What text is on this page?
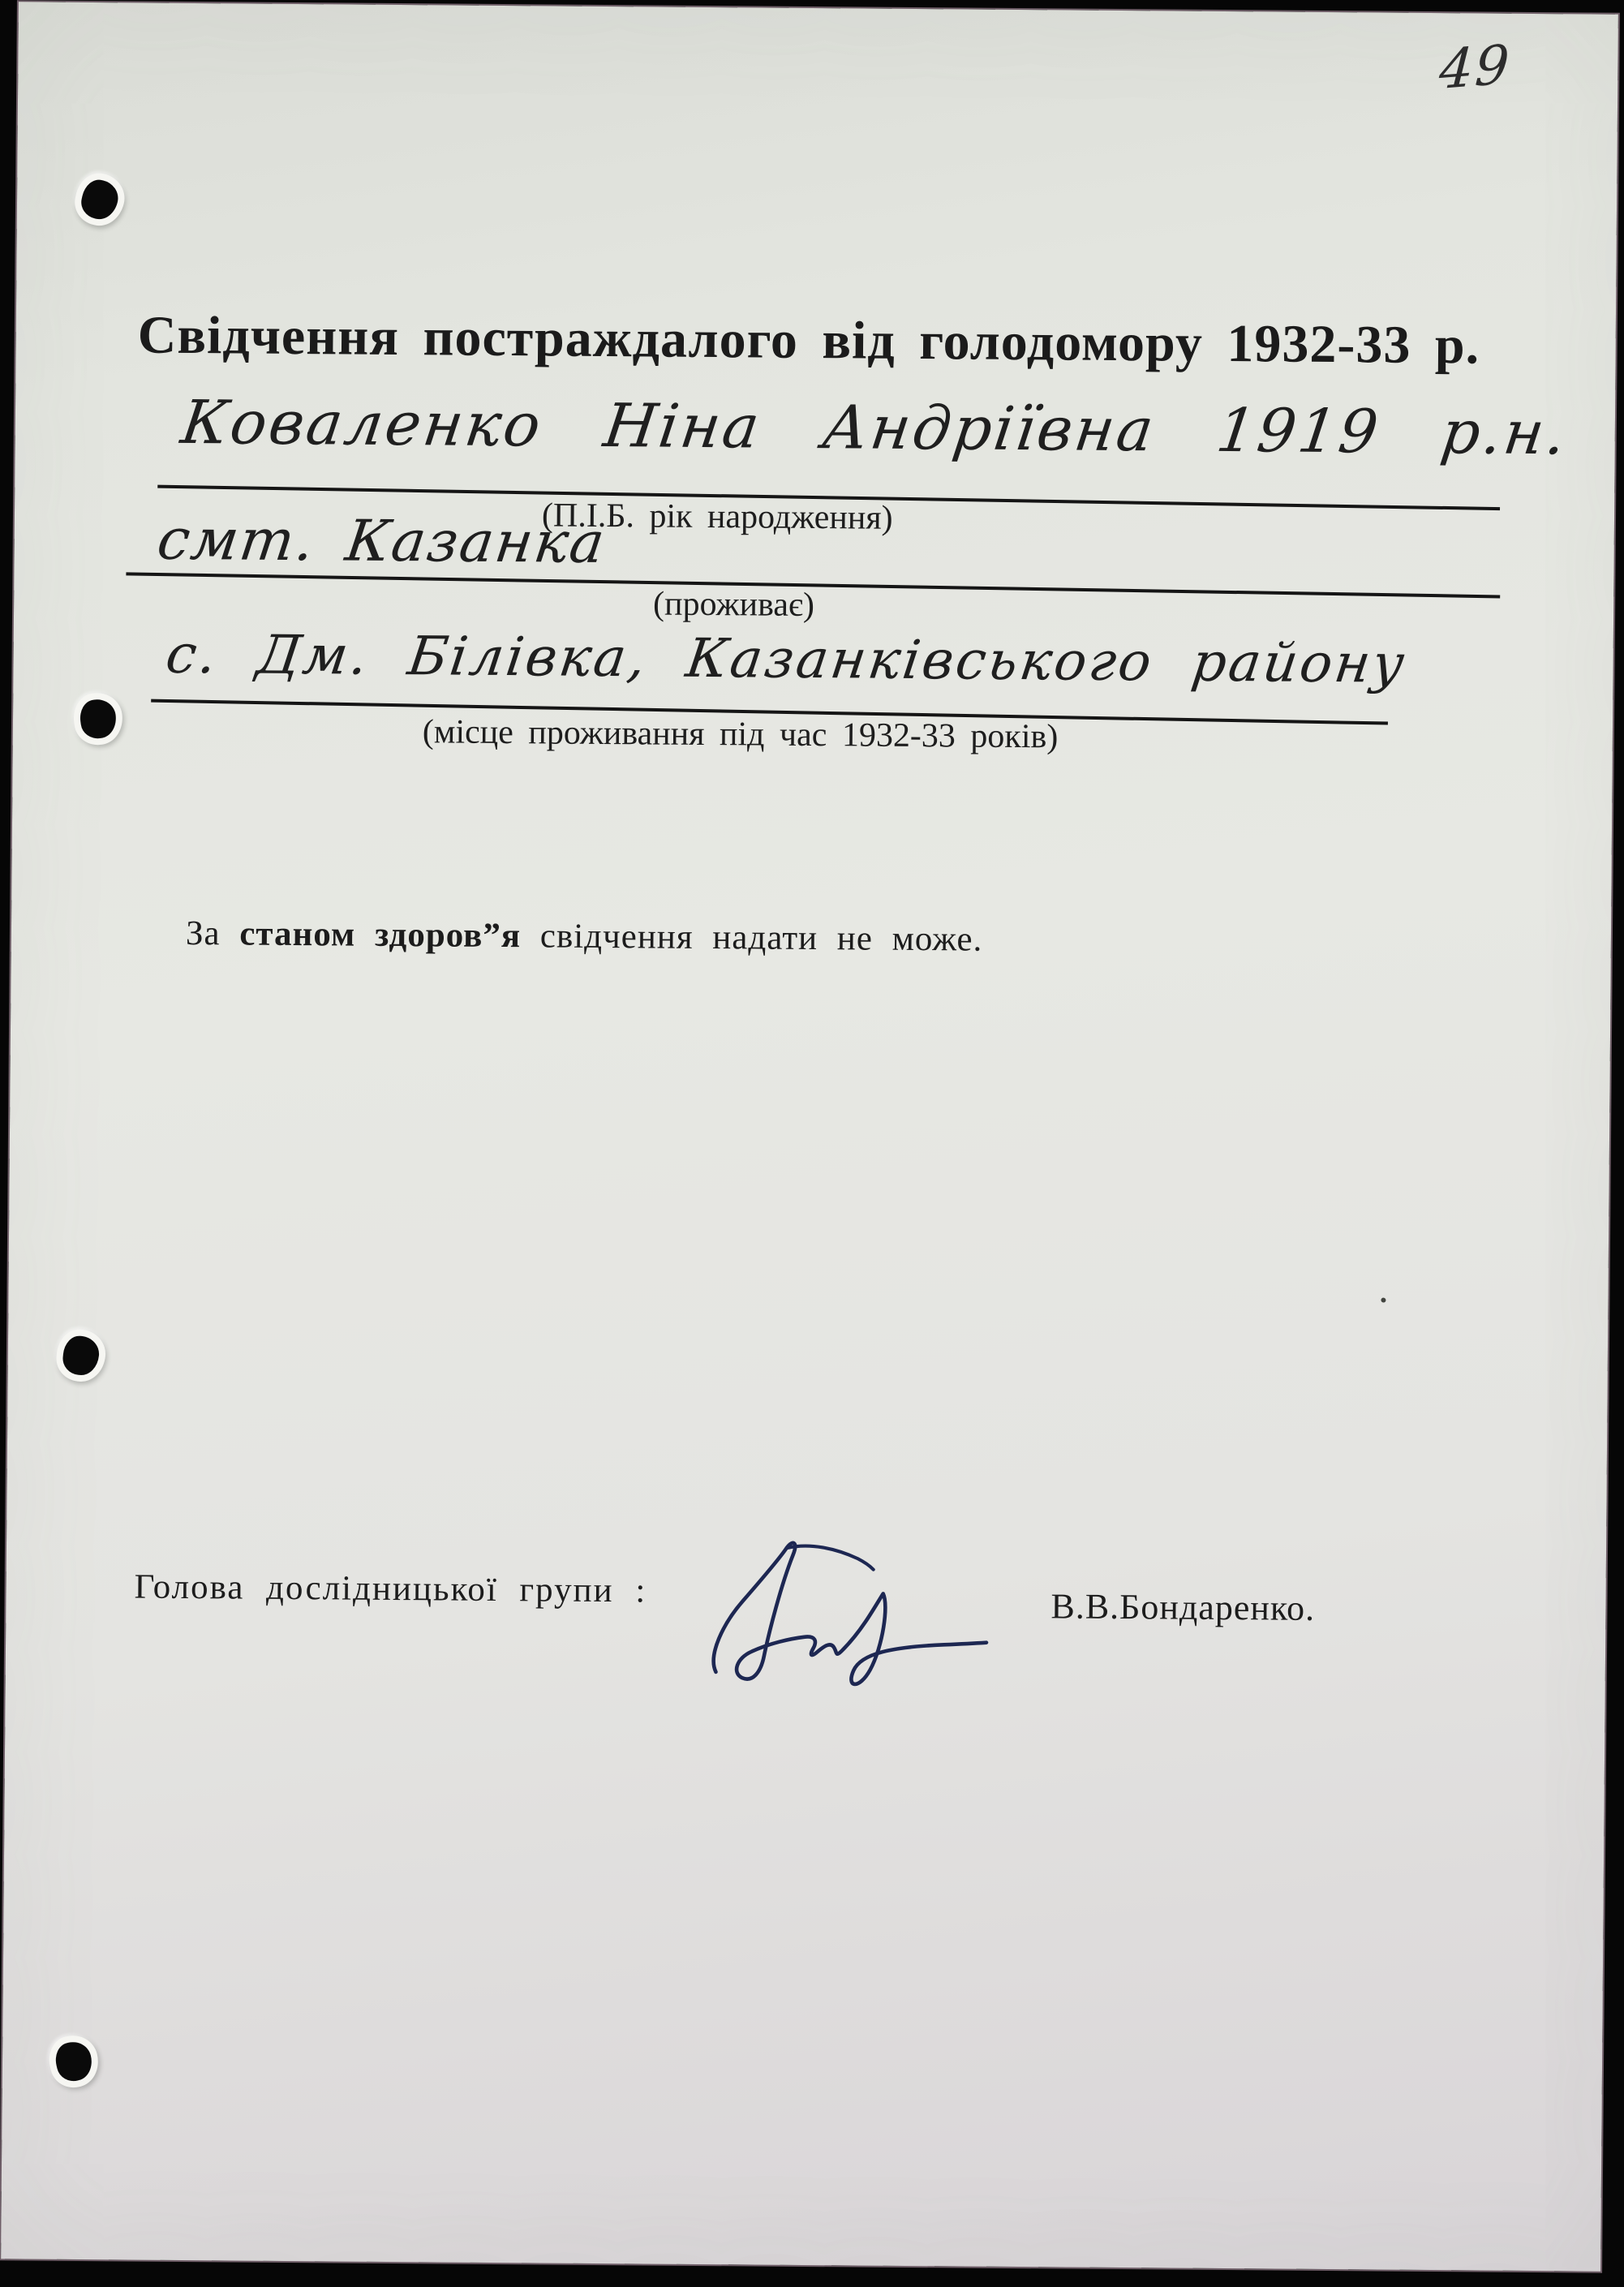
49
Свідчення постраждалого від голодомору 1932-33 р.
Коваленко Ніна Андріївна 1919 р.н.
(П.І.Б. рік народження)
смт. Казанка
(проживає)
с. Дм. Білівка, Казанківського району
(місце проживання під час 1932-33 років)

За станом здоров”я свідчення надати не може.

Голова дослідницької групи :	В.В.Бондаренко.
